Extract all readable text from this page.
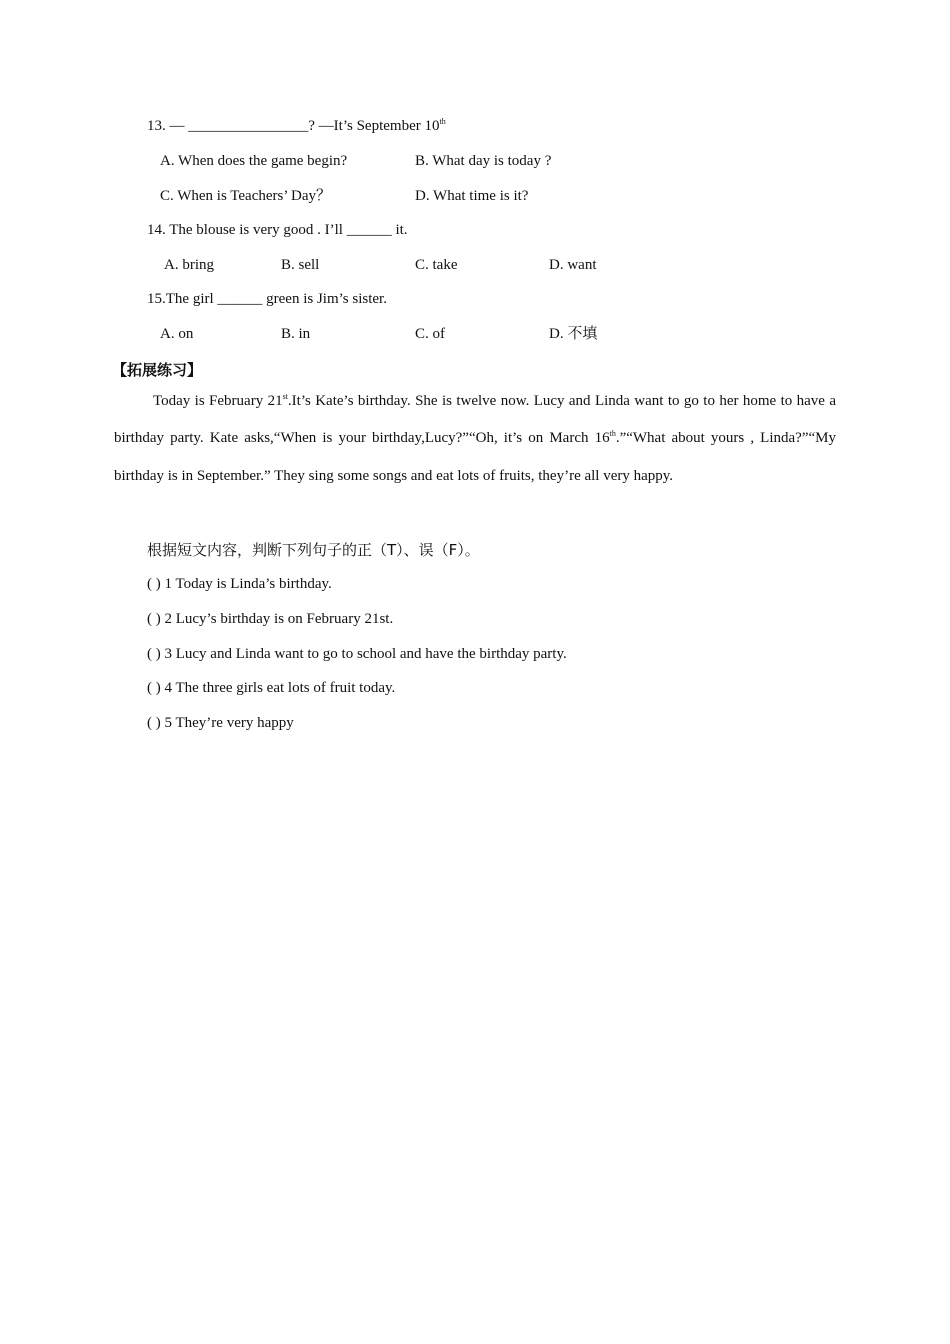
13. — ________________? —It’s September 10th
A. When does the game begin?	B. What day is today ?
C. When is Teachers’ Day？	D. What time is it?
14. The blouse is very good . I’ll ______ it.
A. bring	B. sell	C. take	D. want
15.The girl ______ green is Jim’s sister.
A. on	B. in	C. of	D. 不填
【拓展练习】
Today is February 21st.It’s Kate’s birthday. She is twelve now. Lucy and Linda want to go to her home to have a birthday party. Kate asks,“When is your birthday,Lucy?”“Oh, it’s on March 16th.”“What about yours , Linda?”“My birthday is in September.” They sing some songs and eat lots of fruits, they’re all very happy.
根据短文内容，判断下列句子的正（T）、误（F）。
( ) 1 Today is Linda’s birthday.
( ) 2 Lucy’s birthday is on February 21st.
( ) 3 Lucy and Linda want to go to school and have the birthday party.
( ) 4 The three girls eat lots of fruit today.
( ) 5 They’re very happy
